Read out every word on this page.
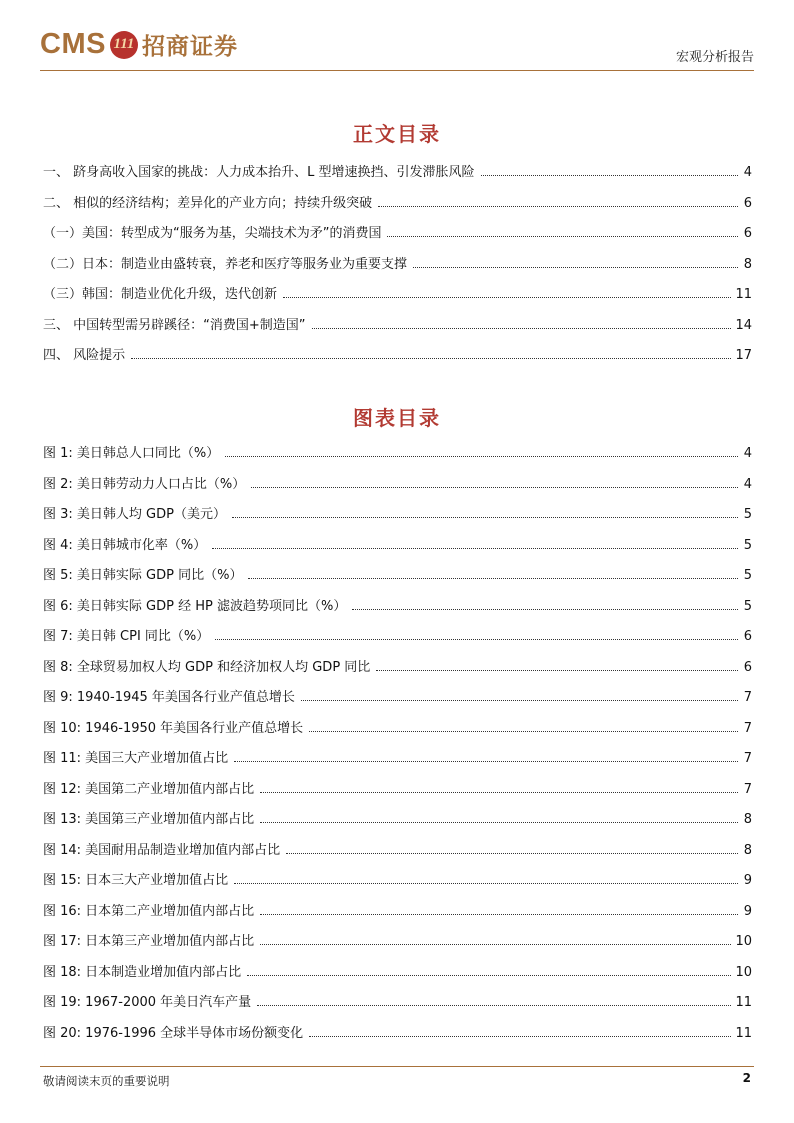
CMS 111 招商证券	宏观分析报告
正文目录
一、 跻身高收入国家的挑战：人力成本抬升、L 型增速换挡、引发滞胀风险	4
二、 相似的经济结构；差异化的产业方向；持续升级突破	6
（一）美国：转型成为“服务为基，尖端技术为矛”的消费国	6
（二）日本：制造业由盛转衰，养老和医疗等服务业为重要支撑	8
（三）韩国：制造业优化升级，迭代创新	11
三、 中国转型需另辟蹊径：“消费国+制造国”	14
四、 风险提示	17
图表目录
图 1: 美日韩总人口同比（%）	4
图 2: 美日韩劳动力人口占比（%）	4
图 3: 美日韩人均 GDP（美元）	5
图 4: 美日韩城市化率（%）	5
图 5: 美日韩实际 GDP 同比（%）	5
图 6: 美日韩实际 GDP 经 HP 滤波趋势项同比（%）	5
图 7: 美日韩 CPI 同比（%）	6
图 8: 全球贸易加权人均 GDP 和经济加权人均 GDP 同比	6
图 9: 1940-1945 年美国各行业产值总增长	7
图 10: 1946-1950 年美国各行业产值总增长	7
图 11: 美国三大产业增加值占比	7
图 12: 美国第二产业增加值内部占比	7
图 13: 美国第三产业增加值内部占比	8
图 14: 美国耐用品制造业增加值内部占比	8
图 15: 日本三大产业增加值占比	9
图 16: 日本第二产业增加值内部占比	9
图 17: 日本第三产业增加值内部占比	10
图 18: 日本制造业增加值内部占比	10
图 19: 1967-2000 年美日汽车产量	11
图 20: 1976-1996 全球半导体市场份额变化	11
敬请阅读末页的重要说明	2
